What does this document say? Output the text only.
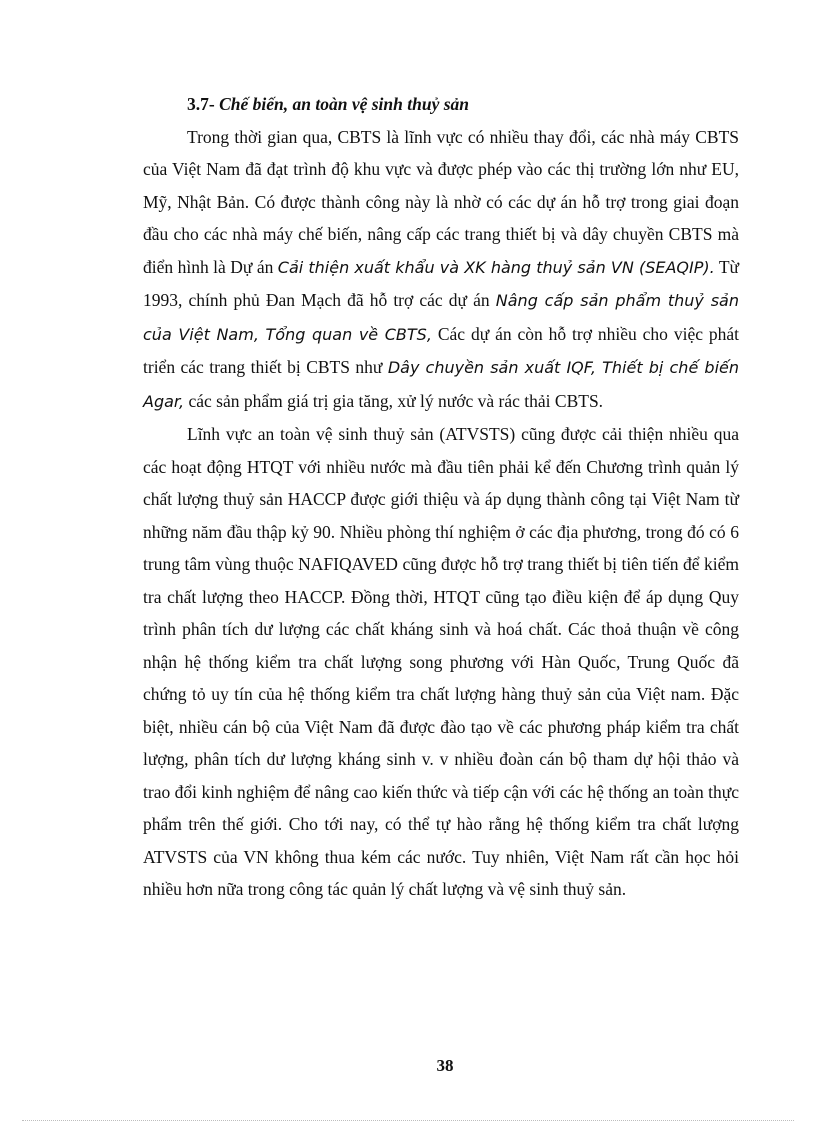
3.7- Chế biến, an toàn vệ sinh thuỷ sản

Trong thời gian qua, CBTS là lĩnh vực có nhiều thay đổi, các nhà máy CBTS của Việt Nam đã đạt trình độ khu vực và được phép vào các thị trường lớn như EU, Mỹ, Nhật Bản. Có được thành công này là nhờ có các dự án hỗ trợ trong giai đoạn đầu cho các nhà máy chế biến, nâng cấp các trang thiết bị và dây chuyền CBTS mà điển hình là Dự án Cải thiện xuất khẩu và XK hàng thuỷ sản VN (SEAQIP). Từ 1993, chính phủ Đan Mạch đã hỗ trợ các dự án Nâng cấp sản phẩm thuỷ sản của Việt Nam, Tổng quan về CBTS, Các dự án còn hỗ trợ nhiều cho việc phát triển các trang thiết bị CBTS như Dây chuyền sản xuất IQF, Thiết bị chế biến Agar, các sản phẩm giá trị gia tăng, xử lý nước và rác thải CBTS.

Lĩnh vực an toàn vệ sinh thuỷ sản (ATVSTS) cũng được cải thiện nhiều qua các hoạt động HTQT với nhiều nước mà đầu tiên phải kể đến Chương trình quản lý chất lượng thuỷ sản HACCP được giới thiệu và áp dụng thành công tại Việt Nam từ những năm đầu thập kỷ 90. Nhiều phòng thí nghiệm ở các địa phương, trong đó có 6 trung tâm vùng thuộc NAFIQAVED cũng được hỗ trợ trang thiết bị tiên tiến để kiểm tra chất lượng theo HACCP. Đồng thời, HTQT cũng tạo điều kiện để áp dụng Quy trình phân tích dư lượng các chất kháng sinh và hoá chất. Các thoả thuận về công nhận hệ thống kiểm tra chất lượng song phương với Hàn Quốc, Trung Quốc đã chứng tỏ uy tín của hệ thống kiểm tra chất lượng hàng thuỷ sản của Việt nam. Đặc biệt, nhiều cán bộ của Việt Nam đã được đào tạo về các phương pháp kiểm tra chất lượng, phân tích dư lượng kháng sinh v. v nhiều đoàn cán bộ tham dự hội thảo và trao đổi kinh nghiệm để nâng cao kiến thức và tiếp cận với các hệ thống an toàn thực phẩm trên thế giới. Cho tới nay, có thể tự hào rằng hệ thống kiểm tra chất lượng ATVSTS của VN không thua kém các nước. Tuy nhiên, Việt Nam rất cần học hỏi nhiều hơn nữa trong công tác quản lý chất lượng và vệ sinh thuỷ sản.

38
